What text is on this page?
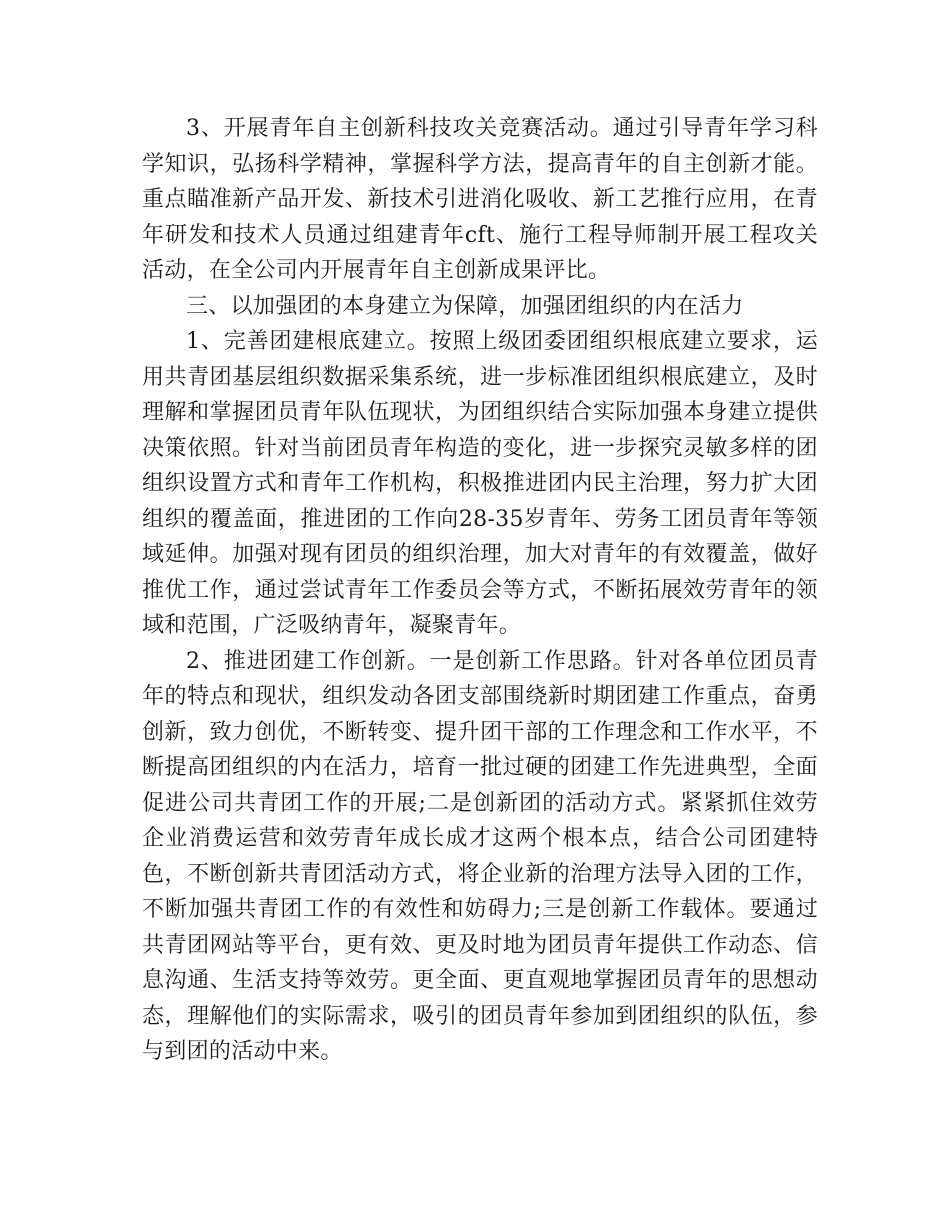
3、开展青年自主创新科技攻关竞赛活动。通过引导青年学习科学知识，弘扬科学精神，掌握科学方法，提高青年的自主创新才能。重点瞄准新产品开发、新技术引进消化吸收、新工艺推行应用，在青年研发和技术人员通过组建青年cft、施行工程导师制开展工程攻关活动，在全公司内开展青年自主创新成果评比。

三、以加强团的本身建立为保障，加强团组织的内在活力

1、完善团建根底建立。按照上级团委团组织根底建立要求，运用共青团基层组织数据采集系统，进一步标准团组织根底建立，及时理解和掌握团员青年队伍现状，为团组织结合实际加强本身建立提供决策依照。针对当前团员青年构造的变化，进一步探究灵敏多样的团组织设置方式和青年工作机构，积极推进团内民主治理，努力扩大团组织的覆盖面，推进团的工作向28-35岁青年、劳务工团员青年等领域延伸。加强对现有团员的组织治理，加大对青年的有效覆盖，做好推优工作，通过尝试青年工作委员会等方式，不断拓展效劳青年的领域和范围，广泛吸纳青年，凝聚青年。

2、推进团建工作创新。一是创新工作思路。针对各单位团员青年的特点和现状，组织发动各团支部围绕新时期团建工作重点，奋勇创新，致力创优，不断转变、提升团干部的工作理念和工作水平，不断提高团组织的内在活力，培育一批过硬的团建工作先进典型，全面促进公司共青团工作的开展;二是创新团的活动方式。紧紧抓住效劳企业消费运营和效劳青年成长成才这两个根本点，结合公司团建特色，不断创新共青团活动方式，将企业新的治理方法导入团的工作，不断加强共青团工作的有效性和妨碍力;三是创新工作载体。要通过共青团网站等平台，更有效、更及时地为团员青年提供工作动态、信息沟通、生活支持等效劳。更全面、更直观地掌握团员青年的思想动态，理解他们的实际需求，吸引的团员青年参加到团组织的队伍，参与到团的活动中来。
